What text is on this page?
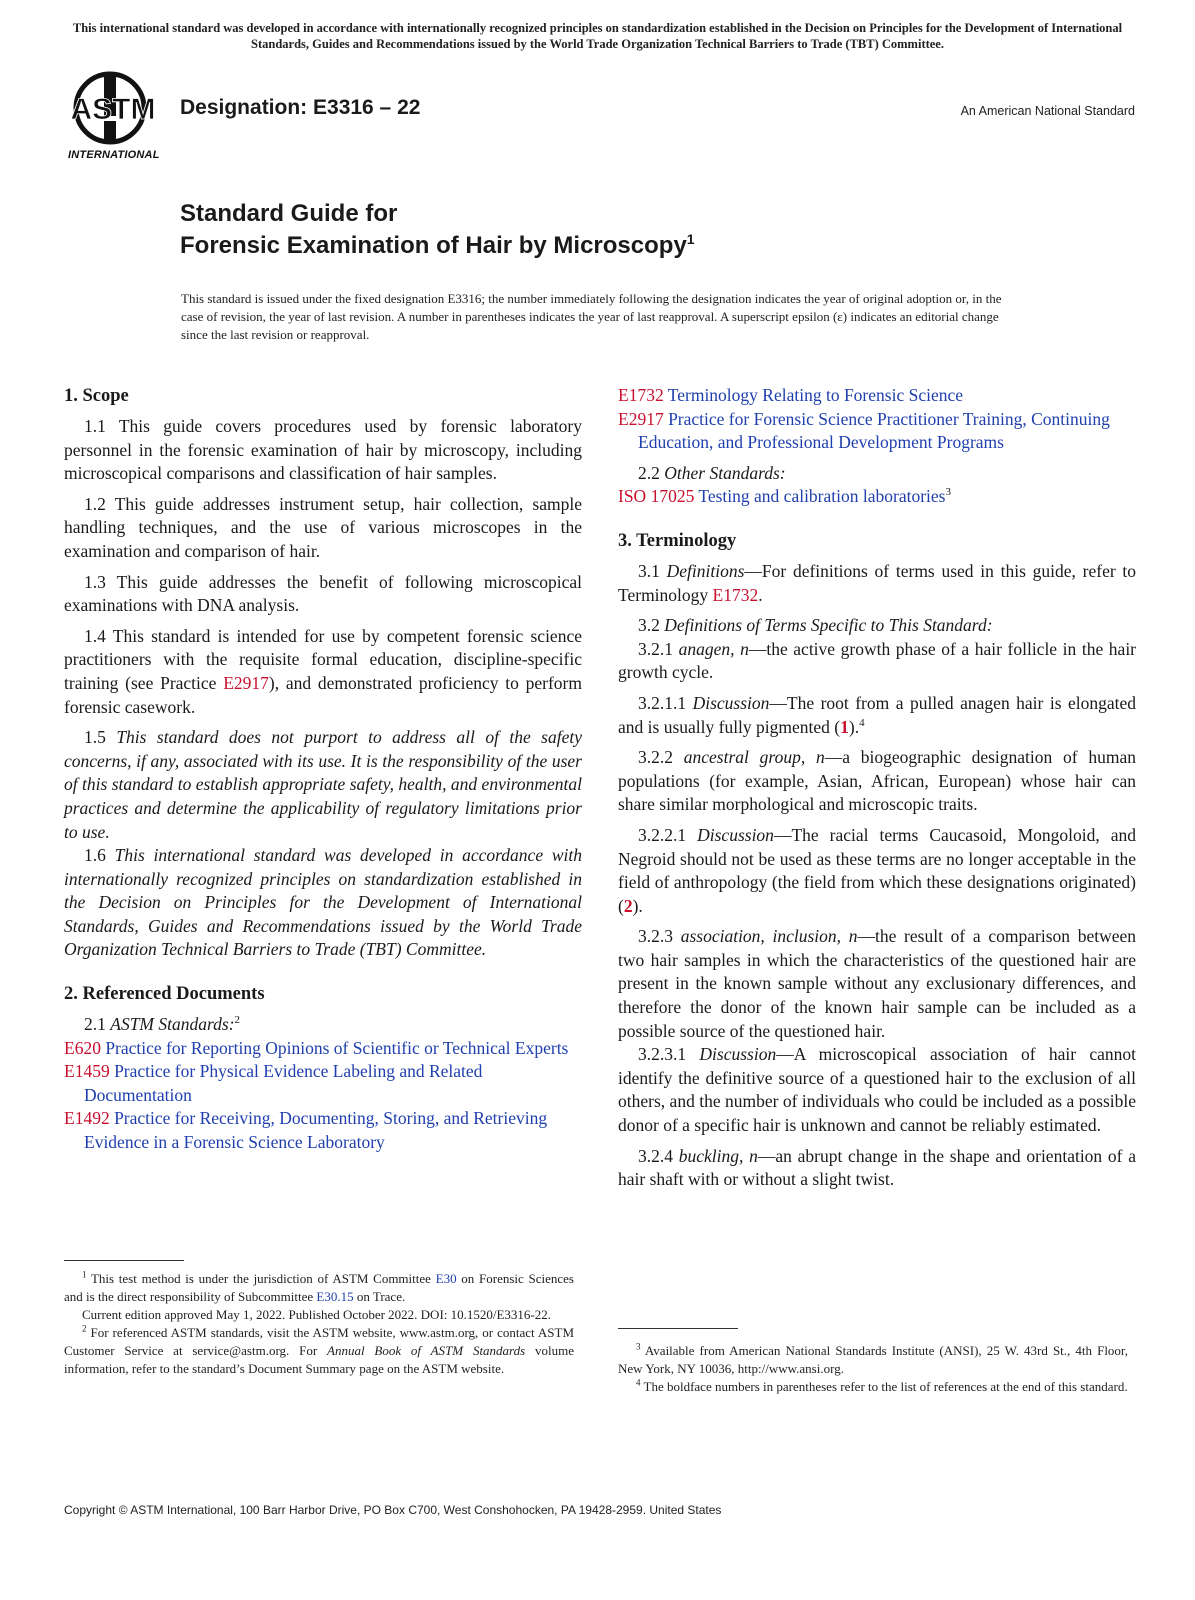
This international standard was developed in accordance with internationally recognized principles on standardization established in the Decision on Principles for the Development of International Standards, Guides and Recommendations issued by the World Trade Organization Technical Barriers to Trade (TBT) Committee.
ASTM
INTERNATIONAL
Designation: E3316 – 22	An American National Standard
Standard Guide for
Forensic Examination of Hair by Microscopy$^1$
This standard is issued under the fixed designation E3316; the number immediately following the designation indicates the year of original adoption or, in the case of revision, the year of last revision. A number in parentheses indicates the year of last reapproval. A superscript epsilon (ε) indicates an editorial change since the last revision or reapproval.
1. Scope

1.1 This guide covers procedures used by forensic laboratory personnel in the forensic examination of hair by microscopy, including microscopical comparisons and classification of hair samples.

1.2 This guide addresses instrument setup, hair collection, sample handling techniques, and the use of various microscopes in the examination and comparison of hair.

1.3 This guide addresses the benefit of following microscopical examinations with DNA analysis.

1.4 This standard is intended for use by competent forensic science practitioners with the requisite formal education, discipline-specific training (see Practice E2917), and demonstrated proficiency to perform forensic casework.

1.5 This standard does not purport to address all of the safety concerns, if any, associated with its use. It is the responsibility of the user of this standard to establish appropriate safety, health, and environmental practices and determine the applicability of regulatory limitations prior to use.

1.6 This international standard was developed in accordance with internationally recognized principles on standardization established in the Decision on Principles for the Development of International Standards, Guides and Recommendations issued by the World Trade Organization Technical Barriers to Trade (TBT) Committee.

2. Referenced Documents

2.1 ASTM Standards:$^2$

E620 Practice for Reporting Opinions of Scientific or Technical Experts

E1459 Practice for Physical Evidence Labeling and Related Documentation

E1492 Practice for Receiving, Documenting, Storing, and Retrieving Evidence in a Forensic Science Laboratory

E1732 Terminology Relating to Forensic Science

E2917 Practice for Forensic Science Practitioner Training, Continuing Education, and Professional Development Programs

2.2 Other Standards:

ISO 17025 Testing and calibration laboratories$^3$

3. Terminology

3.1 Definitions—For definitions of terms used in this guide, refer to Terminology E1732.

3.2 Definitions of Terms Specific to This Standard:

3.2.1 anagen, n—the active growth phase of a hair follicle in the hair growth cycle.

3.2.1.1 Discussion—The root from a pulled anagen hair is elongated and is usually fully pigmented (1).$^4$

3.2.2 ancestral group, n—a biogeographic designation of human populations (for example, Asian, African, European) whose hair can share similar morphological and microscopic traits.

3.2.2.1 Discussion—The racial terms Caucasoid, Mongoloid, and Negroid should not be used as these terms are no longer acceptable in the field of anthropology (the field from which these designations originated) (2).

3.2.3 association, inclusion, n—the result of a comparison between two hair samples in which the characteristics of the questioned hair are present in the known sample without any exclusionary differences, and therefore the donor of the known hair sample can be included as a possible source of the questioned hair.

3.2.3.1 Discussion—A microscopical association of hair cannot identify the definitive source of a questioned hair to the exclusion of all others, and the number of individuals who could be included as a possible donor of a specific hair is unknown and cannot be reliably estimated.

3.2.4 buckling, n—an abrupt change in the shape and orientation of a hair shaft with or without a slight twist.

$^1$ This test method is under the jurisdiction of ASTM Committee E30 on Forensic Sciences and is the direct responsibility of Subcommittee E30.15 on Trace.

Current edition approved May 1, 2022. Published October 2022. DOI: 10.1520/E3316-22.

$^2$ For referenced ASTM standards, visit the ASTM website, www.astm.org, or contact ASTM Customer Service at service@astm.org. For Annual Book of ASTM Standards volume information, refer to the standard’s Document Summary page on the ASTM website.

$^3$ Available from American National Standards Institute (ANSI), 25 W. 43rd St., 4th Floor, New York, NY 10036, http://www.ansi.org.

$^4$ The boldface numbers in parentheses refer to the list of references at the end of this standard.

Copyright © ASTM International, 100 Barr Harbor Drive, PO Box C700, West Conshohocken, PA 19428-2959. United States
